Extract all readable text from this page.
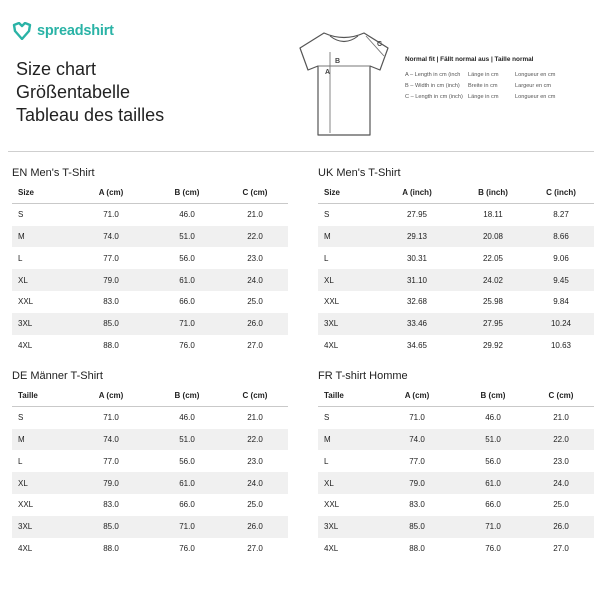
spreadshirt
Size chart
Größentabelle
Tableau des tailles
A
B
C
Normal fit | Fällt normal aus | Taille normal
A – Length in cm (inch	Länge in cm	Longueur en cm
B – Width in cm (inch)	Breite in cm	Largeur en cm
C – Length in cm (inch) Länge in cm	Longueur en cm
EN Men's T-Shirt
Size	A (cm)	B (cm)	C (cm)
S	71.0	46.0	21.0
M	74.0	51.0	22.0
L	77.0	56.0	23.0
XL	79.0	61.0	24.0
XXL	83.0	66.0	25.0
3XL	85.0	71.0	26.0
4XL	88.0	76.0	27.0
UK Men's T-Shirt
Size	A (inch)	B (inch)	C (inch)
S	27.95	18.11	8.27
M	29.13	20.08	8.66
L	30.31	22.05	9.06
XL	31.10	24.02	9.45
XXL	32.68	25.98	9.84
3XL	33.46	27.95	10.24
4XL	34.65	29.92	10.63
DE Männer T-Shirt
Taille	A (cm)	B (cm)	C (cm)
S	71.0	46.0	21.0
M	74.0	51.0	22.0
L	77.0	56.0	23.0
XL	79.0	61.0	24.0
XXL	83.0	66.0	25.0
3XL	85.0	71.0	26.0
4XL	88.0	76.0	27.0
FR T-shirt Homme
Taille	A (cm)	B (cm)	C (cm)
S	71.0	46.0	21.0
M	74.0	51.0	22.0
L	77.0	56.0	23.0
XL	79.0	61.0	24.0
XXL	83.0	66.0	25.0
3XL	85.0	71.0	26.0
4XL	88.0	76.0	27.0
